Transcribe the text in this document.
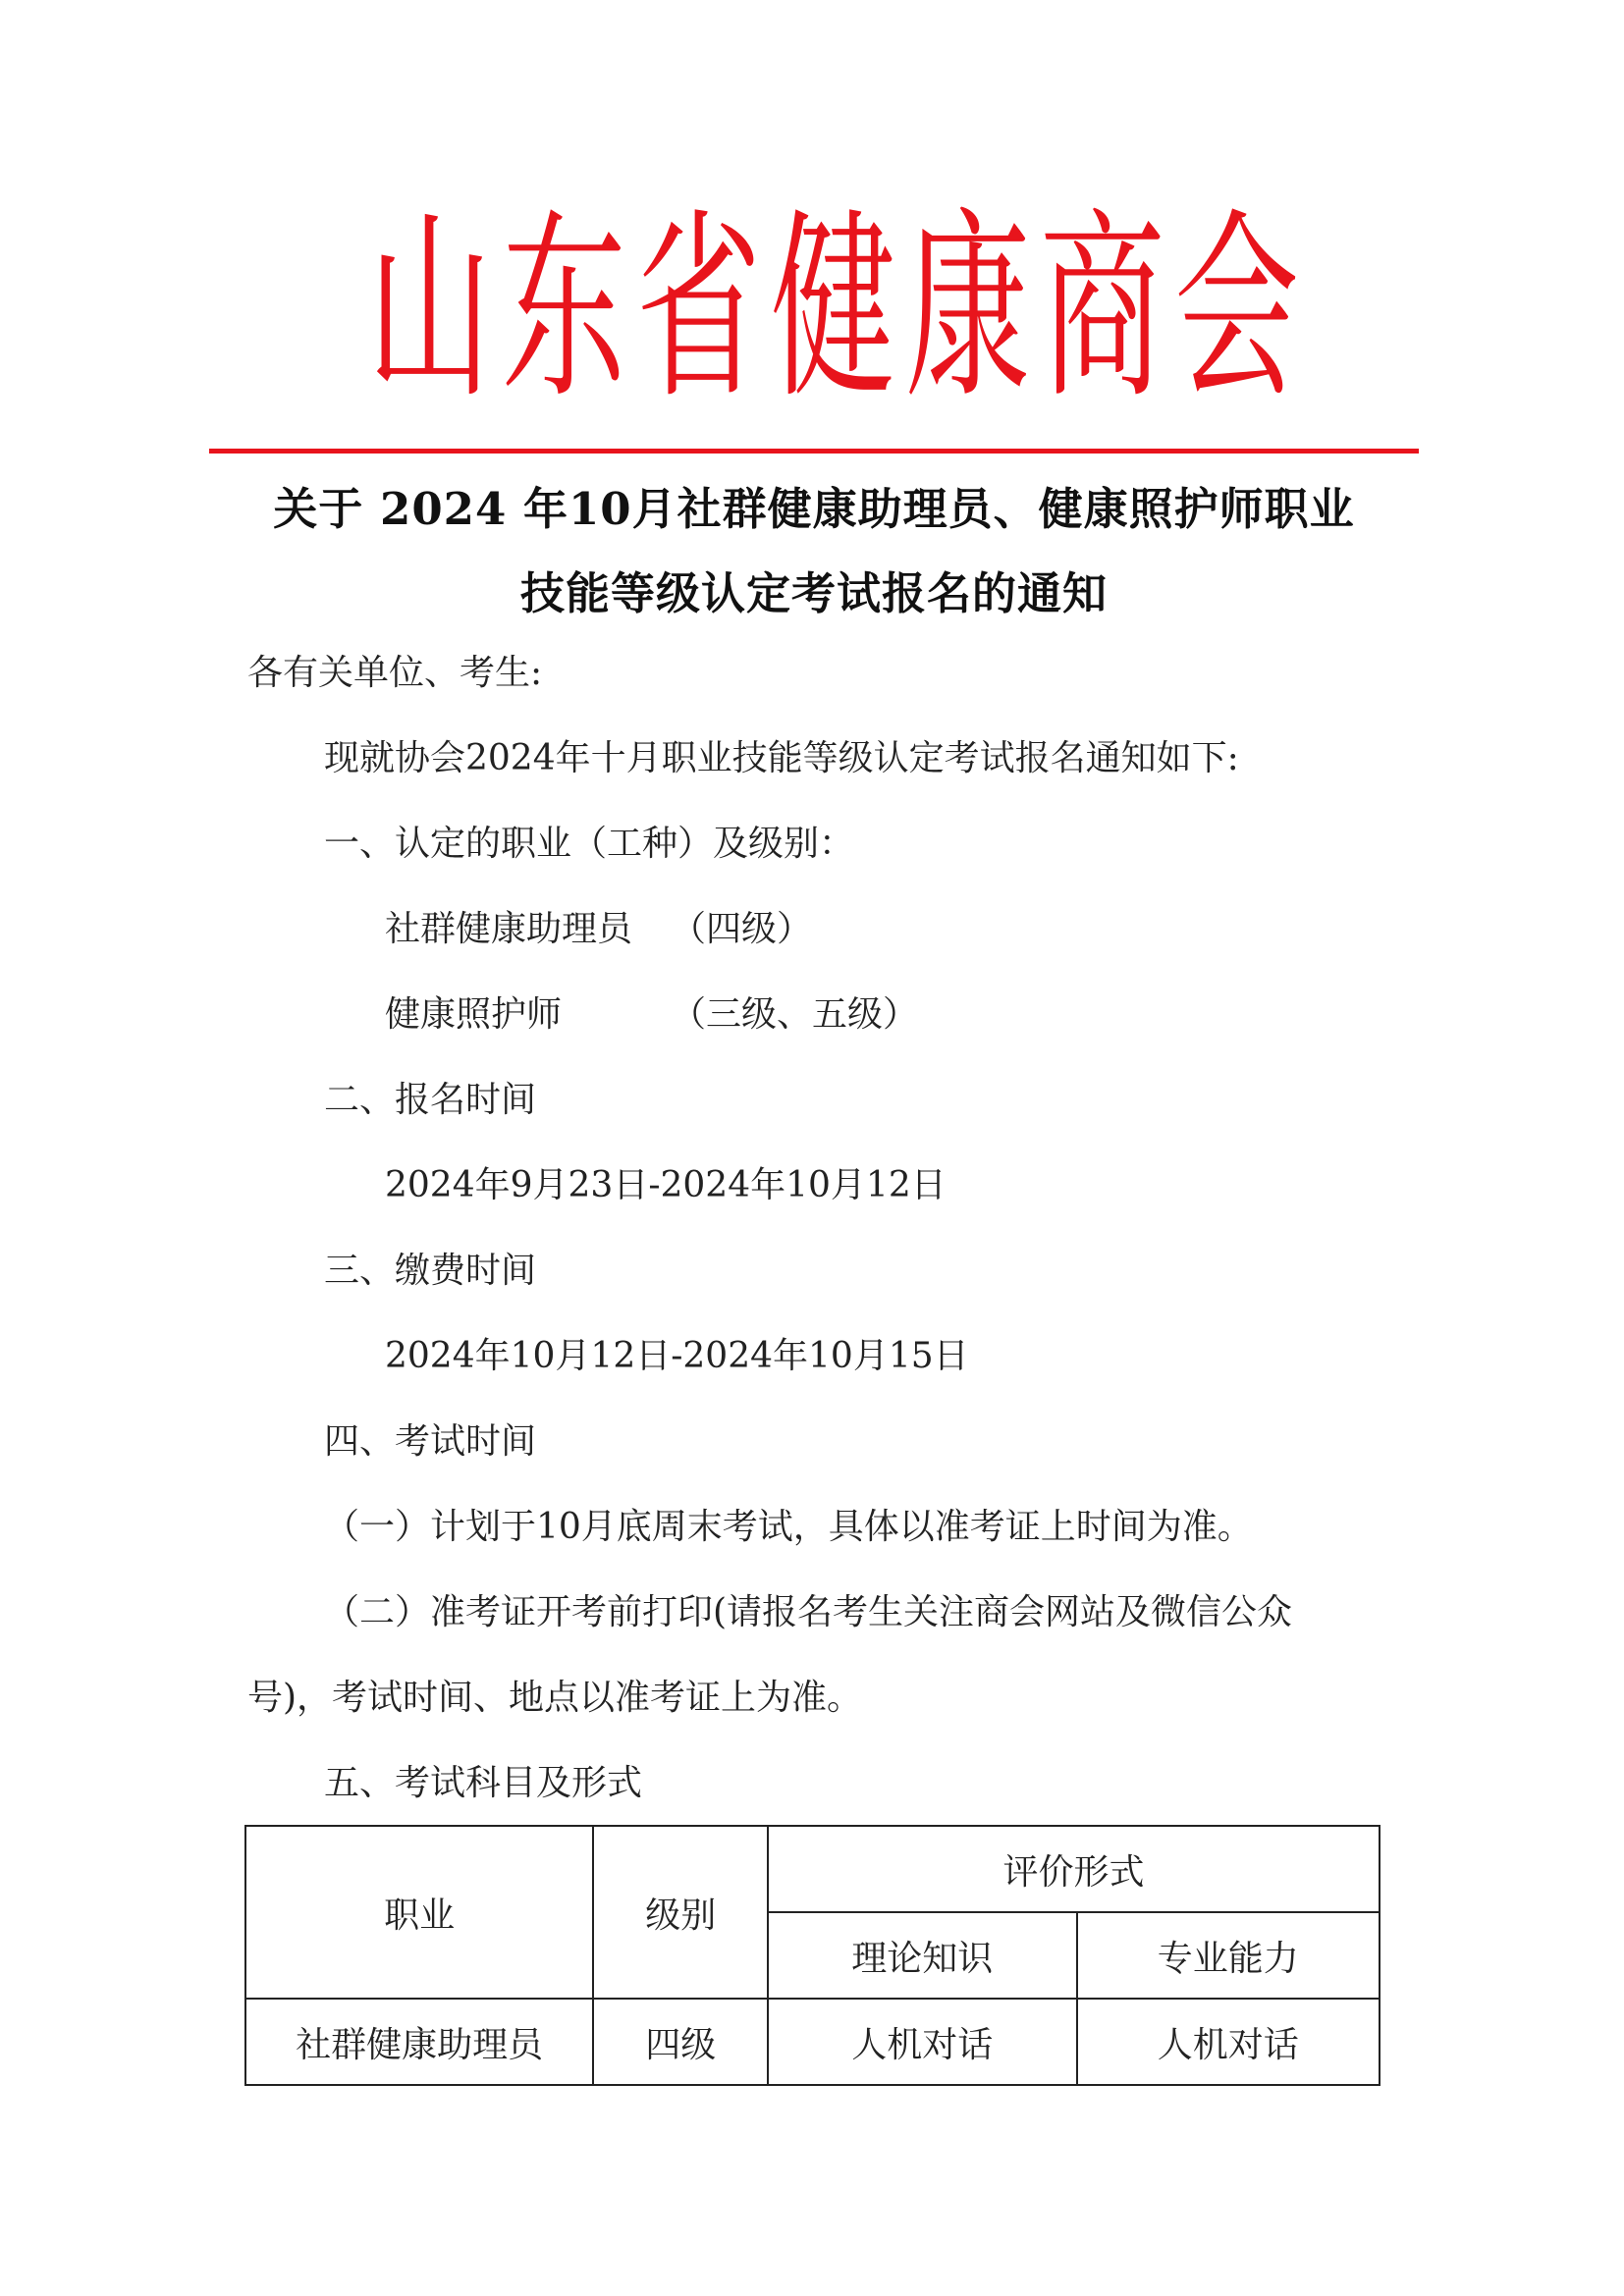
山 东 省 健 康 商 会
关于 2024 年10月社群健康助理员、健康照护师职业
技能等级认定考试报名的通知
各有关单位、考生:
现就协会2024年十月职业技能等级认定考试报名通知如下:
一、认定的职业（工种）及级别：
社群健康助理员 （四级）
健康照护师	（三级、五级）
二、报名时间
2024年9月23日-2024年10月12日
三、缴费时间
2024年10月12日-2024年10月15日
四、考试时间
（一）计划于10月底周末考试，具体以准考证上时间为准。
（二）准考证开考前打印(请报名考生关注商会网站及微信公众
号)，考试时间、地点以准考证上为准。
五、考试科目及形式
职业	级别	评价形式	
		理论知识	专业能力
社群健康助理员	四级	人机对话	人机对话
